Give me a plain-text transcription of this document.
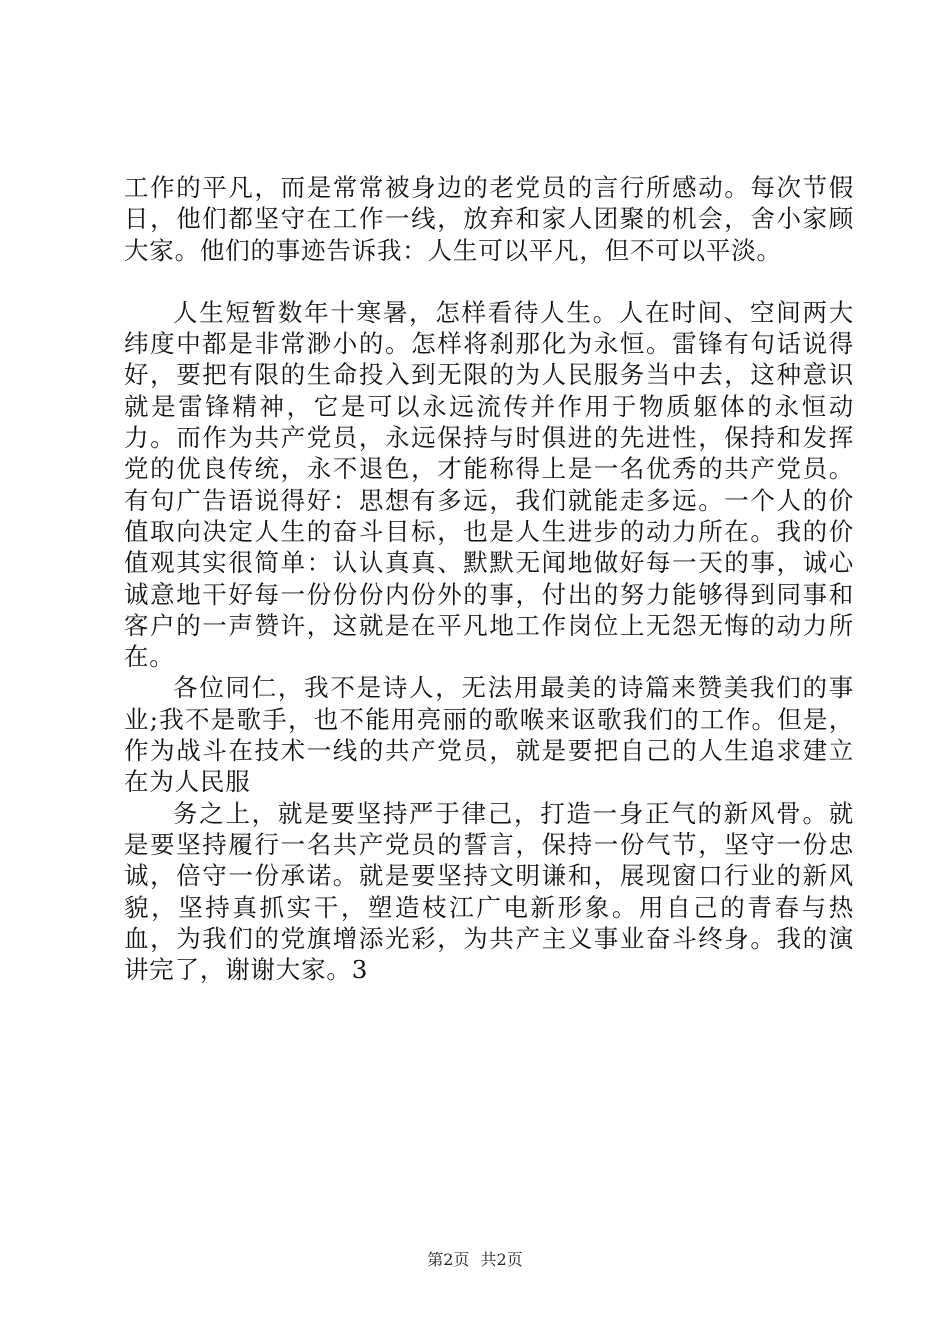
工作的平凡，而是常常被身边的老党员的言行所感动。每次节假日，他们都坚守在工作一线，放弃和家人团聚的机会，舍小家顾大家。他们的事迹告诉我：人生可以平凡，但不可以平淡。

人生短暂数年十寒暑，怎样看待人生。人在时间、空间两大纬度中都是非常渺小的。怎样将刹那化为永恒。雷锋有句话说得好，要把有限的生命投入到无限的为人民服务当中去，这种意识就是雷锋精神，它是可以永远流传并作用于物质躯体的永恒动力。而作为共产党员，永远保持与时俱进的先进性，保持和发挥党的优良传统，永不退色，才能称得上是一名优秀的共产党员。有句广告语说得好：思想有多远，我们就能走多远。一个人的价值取向决定人生的奋斗目标，也是人生进步的动力所在。我的价值观其实很简单：认认真真、默默无闻地做好每一天的事，诚心诚意地干好每一份份份内份外的事，付出的努力能够得到同事和客户的一声赞许，这就是在平凡地工作岗位上无怨无悔的动力所在。

各位同仁，我不是诗人，无法用最美的诗篇来赞美我们的事业;我不是歌手，也不能用亮丽的歌喉来讴歌我们的工作。但是，作为战斗在技术一线的共产党员，就是要把自己的人生追求建立在为人民服

务之上，就是要坚持严于律己，打造一身正气的新风骨。就是要坚持履行一名共产党员的誓言，保持一份气节，坚守一份忠诚，倍守一份承诺。就是要坚持文明谦和，展现窗口行业的新风貌，坚持真抓实干，塑造枝江广电新形象。用自己的青春与热血，为我们的党旗增添光彩，为共产主义事业奋斗终身。我的演讲完了，谢谢大家。3

第2页 共2页
